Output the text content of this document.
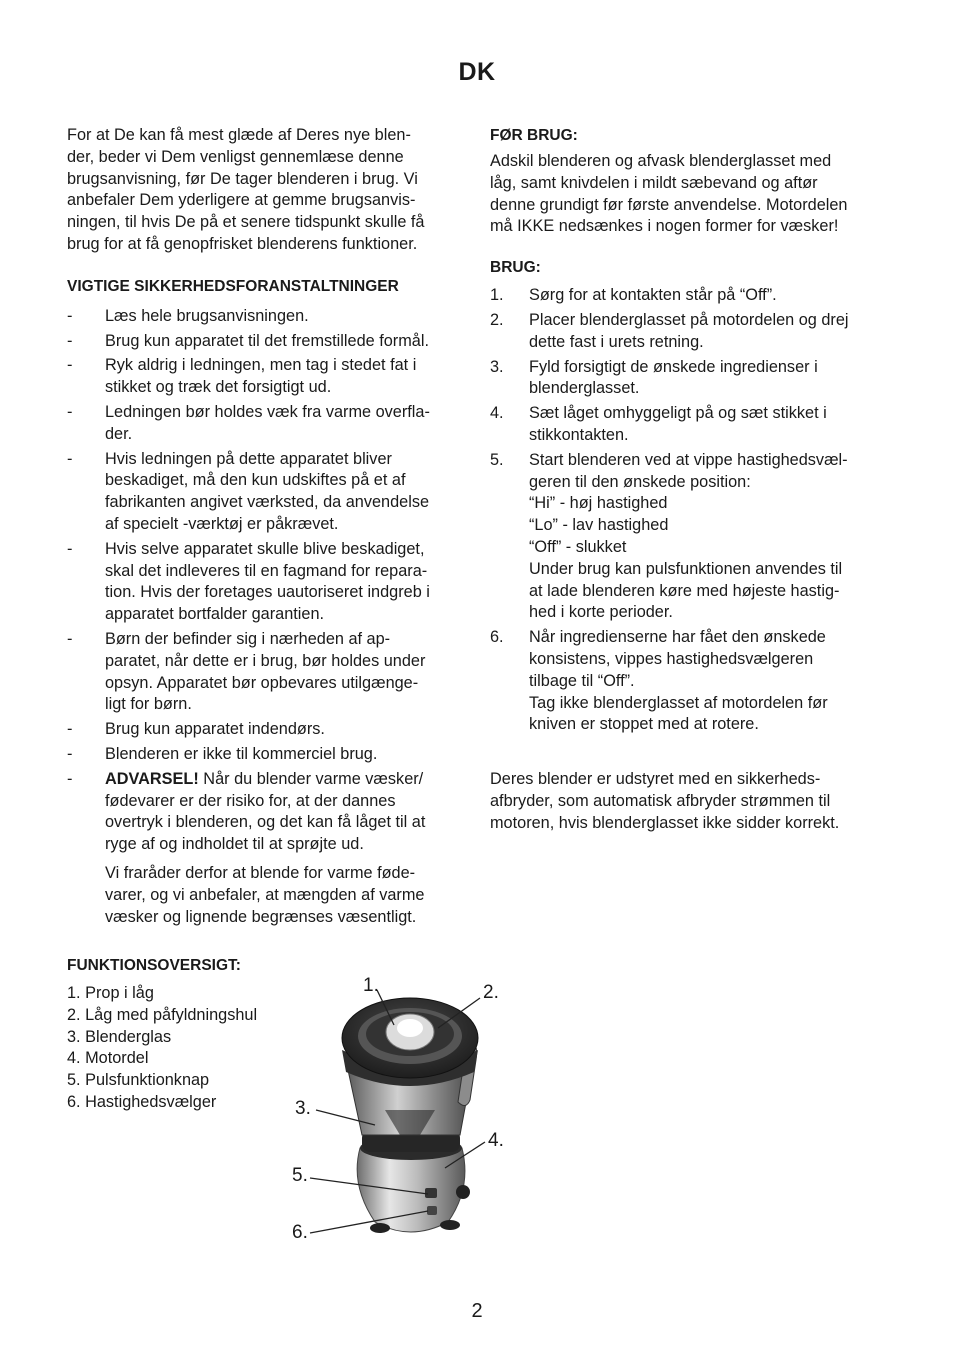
DK

For at De kan få mest glæde af Deres nye blen-
der, beder vi Dem venligst gennemlæse denne
brugsanvisning, før De tager blenderen i brug. Vi
anbefaler Dem yderligere at gemme brugsanvis-
ningen, til hvis De på et senere tidspunkt skulle få
brug for at få genopfrisket blenderens funktioner.

VIGTIGE SIKKERHEDSFORANSTALTNINGER
- Læs hele brugsanvisningen.
- Brug kun apparatet til det fremstillede formål.
- Ryk aldrig i ledningen, men tag i stedet fat i
stikket og træk det forsigtigt ud.
- Ledningen bør holdes væk fra varme overfla-
der.
- Hvis ledningen på dette apparatet bliver
beskadiget, må den kun udskiftes på et af
fabrikanten angivet værksted, da anvendelse
af specielt -værktøj er påkrævet.
- Hvis selve apparatet skulle blive beskadiget,
skal det indleveres til en fagmand for repara-
tion. Hvis der foretages uautoriseret indgreb i
apparatet bortfalder garantien.
- Børn der befinder sig i nærheden af ap-
paratet, når dette er i brug, bør holdes under
opsyn. Apparatet bør opbevares utilgænge-
ligt for børn.
- Brug kun apparatet indendørs.
- Blenderen er ikke til kommerciel brug.
- ADVARSEL! Når du blender varme væsker/
fødevarer er der risiko for, at der dannes
overtryk i blenderen, og det kan få låget til at
ryge af og indholdet til at sprøjte ud.
Vi fraråder derfor at blende for varme føde-
varer, og vi anbefaler, at mængden af varme
væsker og lignende begrænses væsentligt.
FØR BRUG:

Adskil blenderen og afvask blenderglasset med
låg, samt knivdelen i mildt sæbevand og aftør
denne grundigt før første anvendelse. Motordelen
må IKKE nedsænkes i nogen former for væsker!

BRUG:
1. Sørg for at kontakten står på “Off”.
2. Placer blenderglasset på motordelen og drej
dette fast i urets retning.
3. Fyld forsigtigt de ønskede ingredienser i
blenderglasset.
4. Sæt låget omhyggeligt på og sæt stikket i
stikkontakten.
5. Start blenderen ved at vippe hastighedsvæl-
geren til den ønskede position:
“Hi” - høj hastighed
“Lo” - lav hastighed
“Off” - slukket
Under brug kan pulsfunktionen anvendes til
at lade blenderen køre med højeste hastig-
hed i korte perioder.
6. Når ingredienserne har fået den ønskede
konsistens, vippes hastighedsvælgeren
tilbage til “Off”.
Tag ikke blenderglasset af motordelen før
kniven er stoppet med at rotere.

Deres blender er udstyret med en sikkerheds-
afbryder, som automatisk afbryder strømmen til
motoren, hvis blenderglasset ikke sidder korrekt.

FUNKTIONSOVERSIGT:
1. Prop i låg
2. Låg med påfyldningshul
3. Blenderglas
4. Motordel
5. Pulsfunktionknap
6. Hastighedsvælger
1.	2.
3.
4.
5.
6.
2
